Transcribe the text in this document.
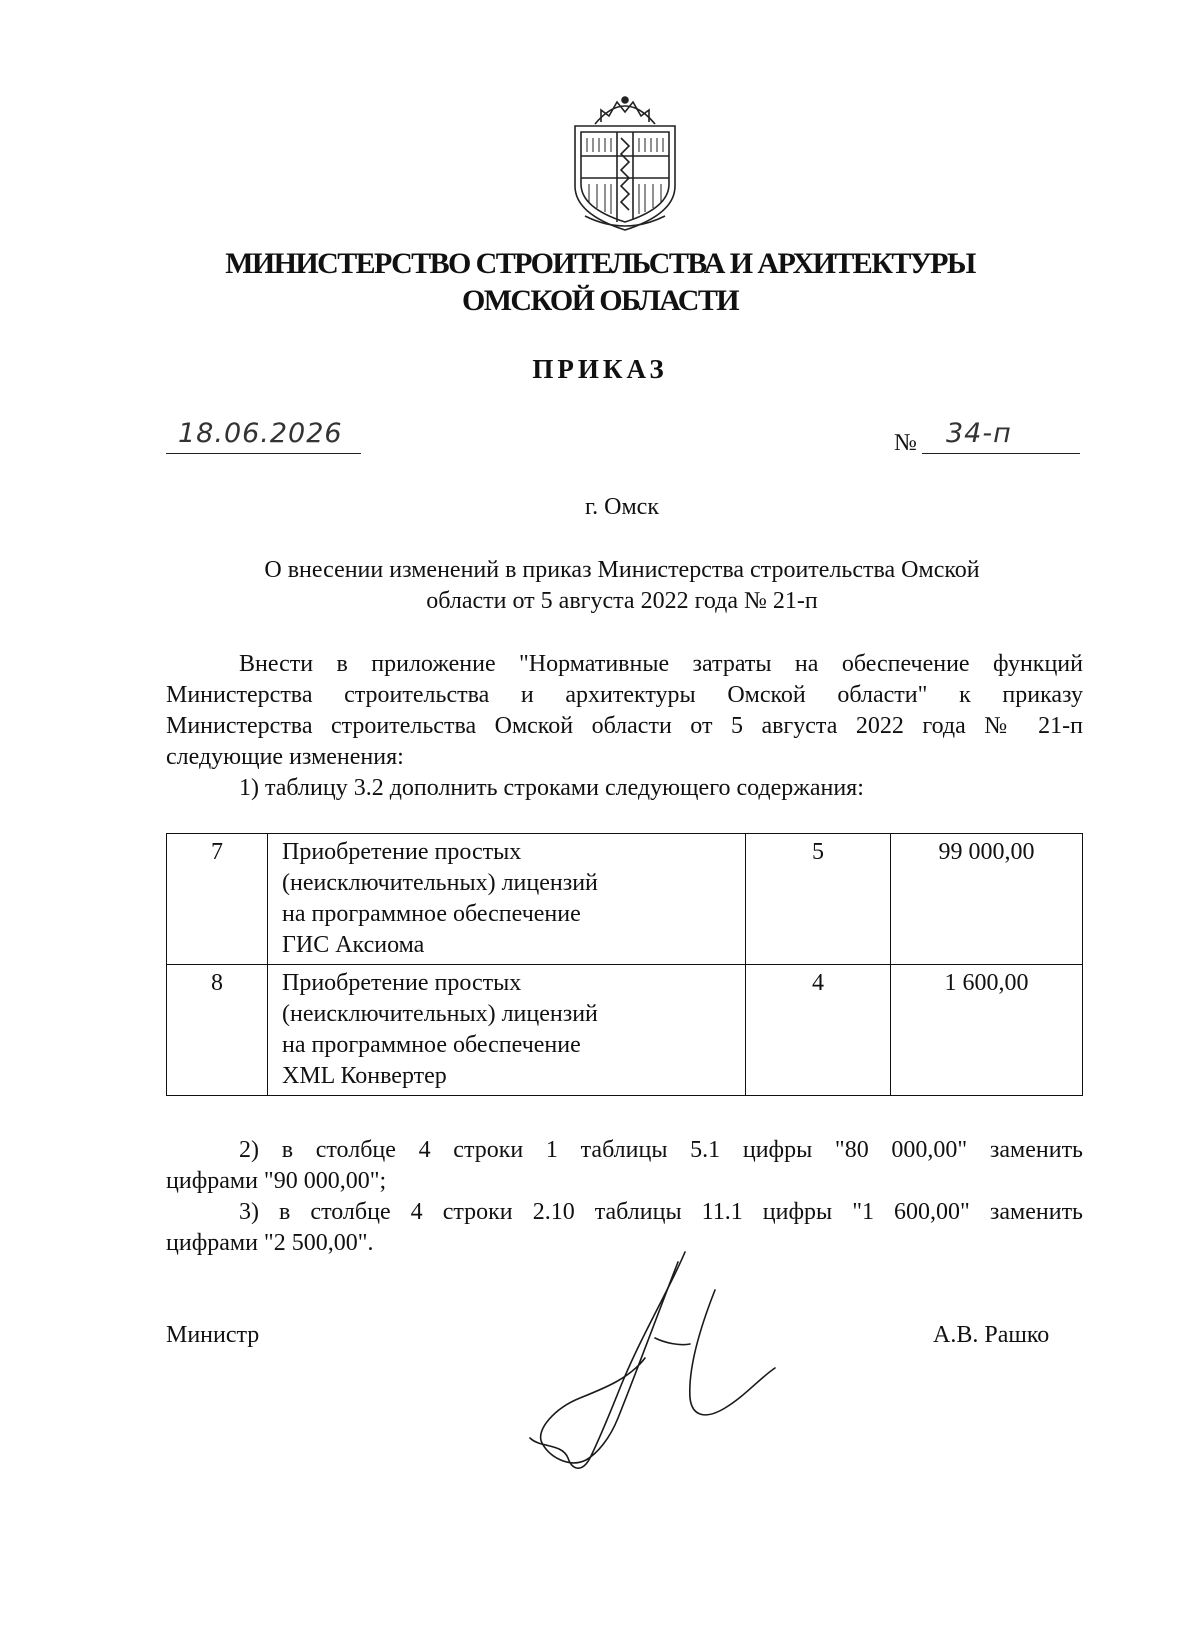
МИНИСТЕРСТВО СТРОИТЕЛЬСТВА И АРХИТЕКТУРЫ
ОМСКОЙ ОБЛАСТИ
ПРИКАЗ
18.06.2026	№	34-п
г. Омск
О внесении изменений в приказ Министерства строительства Омской
области от 5 августа 2022 года № 21-п
Внести в приложение "Нормативные затраты на обеспечение функций
Министерства строительства и архитектуры Омской области" к приказу
Министерства строительства Омской области от 5 августа 2022 года № 21-п
следующие изменения:
1) таблицу 3.2 дополнить строками следующего содержания:
7	Приобретение простых
(неисключительных) лицензий
на программное обеспечение
ГИС Аксиома	5	99 000,00
8	Приобретение простых
(неисключительных) лицензий
на программное обеспечение
XML Конвертер	4	1 600,00
2) в столбце 4 строки 1 таблицы 5.1 цифры "80 000,00" заменить
цифрами "90 000,00";
3) в столбце 4 строки 2.10 таблицы 11.1 цифры "1 600,00" заменить
цифрами "2 500,00".
Министр	А.В. Рашко
